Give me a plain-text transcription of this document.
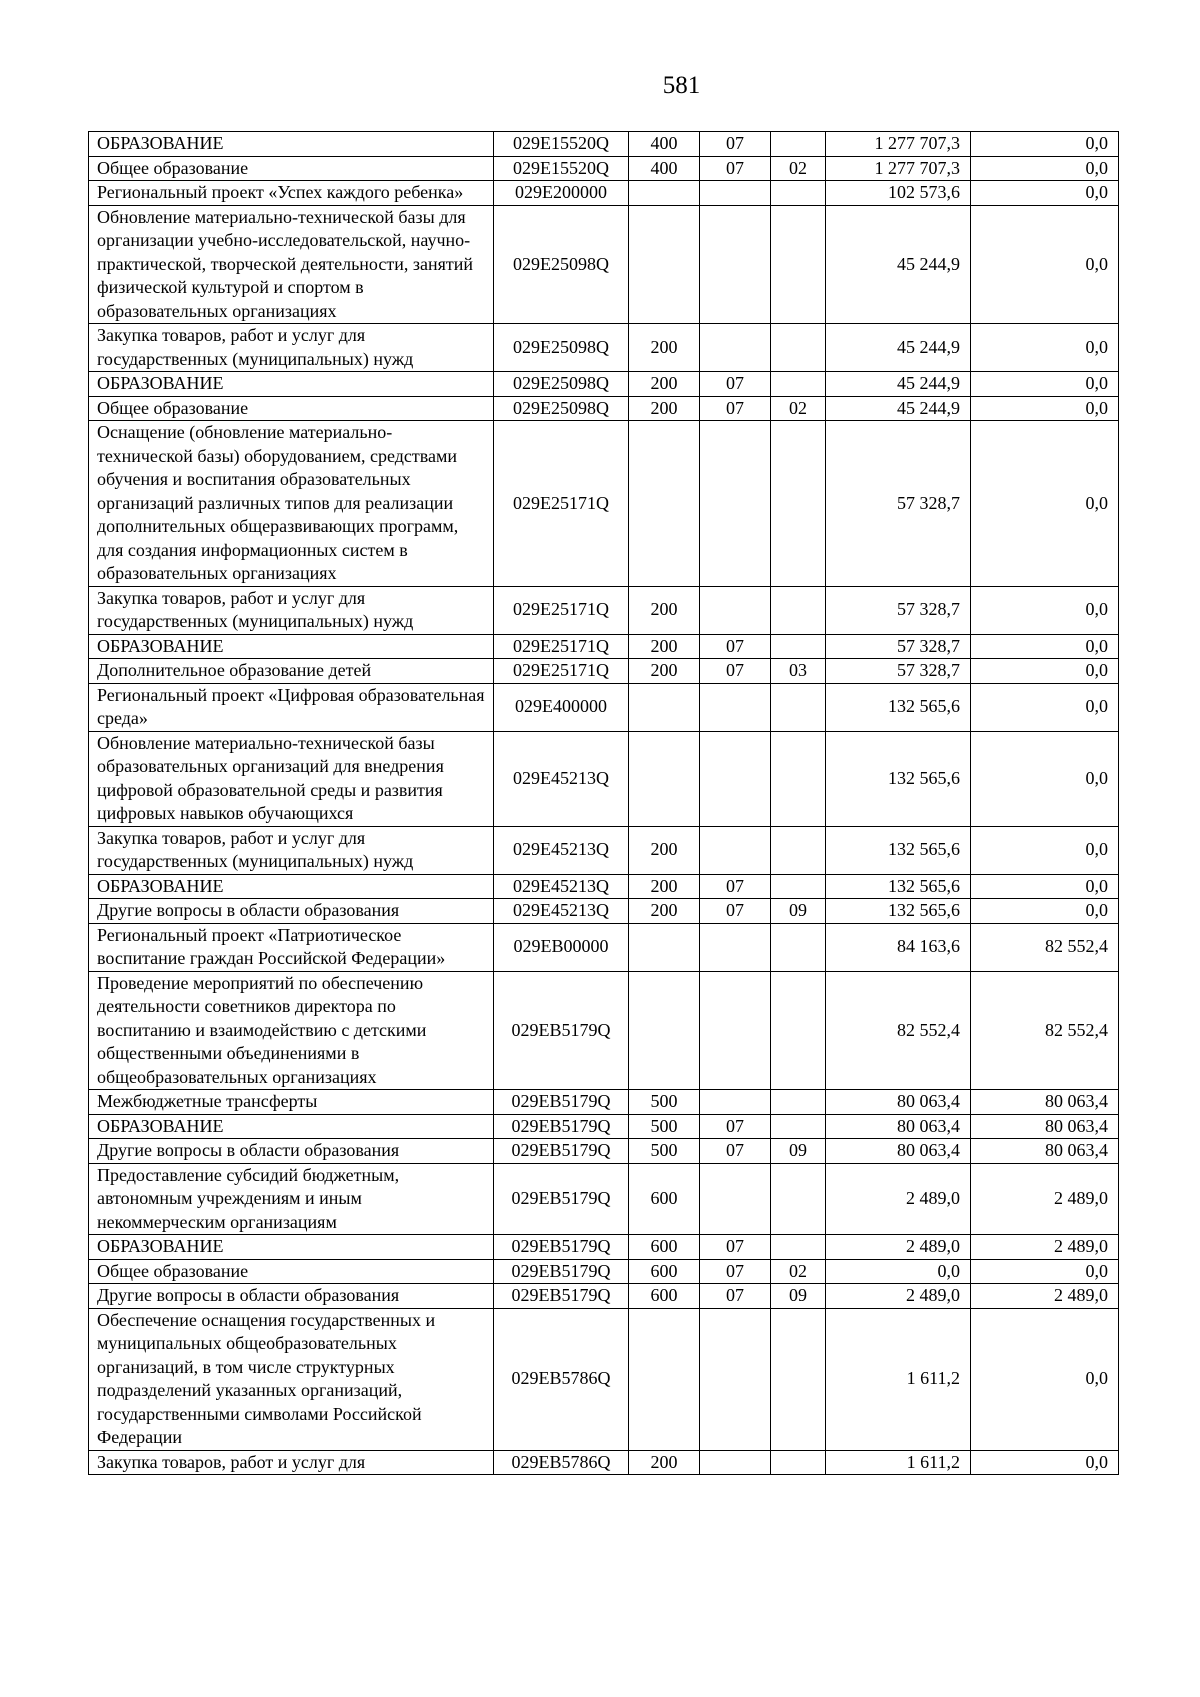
581
ОБРАЗОВАНИЕ	029E15520Q	400	07		1 277 707,3	0,0
Общее образование	029E15520Q	400	07	02	1 277 707,3	0,0
Региональный проект «Успех каждого ребенка»	029E200000				102 573,6	0,0
Обновление материально-технической базы для организации учебно-исследовательской, научно-практической, творческой деятельности, занятий физической культурой и спортом в образовательных организациях	029E25098Q				45 244,9	0,0
Закупка товаров, работ и услуг для государственных (муниципальных) нужд	029E25098Q	200			45 244,9	0,0
ОБРАЗОВАНИЕ	029E25098Q	200	07		45 244,9	0,0
Общее образование	029E25098Q	200	07	02	45 244,9	0,0
Оснащение (обновление материально-технической базы) оборудованием, средствами обучения и воспитания образовательных организаций различных типов для реализации дополнительных общеразвивающих программ, для создания информационных систем в образовательных организациях	029E25171Q				57 328,7	0,0
Закупка товаров, работ и услуг для государственных (муниципальных) нужд	029E25171Q	200			57 328,7	0,0
ОБРАЗОВАНИЕ	029E25171Q	200	07		57 328,7	0,0
Дополнительное образование детей	029E25171Q	200	07	03	57 328,7	0,0
Региональный проект «Цифровая образовательная среда»	029E400000				132 565,6	0,0
Обновление материально-технической базы образовательных организаций для внедрения цифровой образовательной среды и развития цифровых навыков обучающихся	029E45213Q				132 565,6	0,0
Закупка товаров, работ и услуг для государственных (муниципальных) нужд	029E45213Q	200			132 565,6	0,0
ОБРАЗОВАНИЕ	029E45213Q	200	07		132 565,6	0,0
Другие вопросы в области образования	029E45213Q	200	07	09	132 565,6	0,0
Региональный проект «Патриотическое воспитание граждан Российской Федерации»	029EB00000				84 163,6	82 552,4
Проведение мероприятий по обеспечению деятельности советников директора по воспитанию и взаимодействию с детскими общественными объединениями в общеобразовательных организациях	029EB5179Q				82 552,4	82 552,4
Межбюджетные трансферты	029EB5179Q	500			80 063,4	80 063,4
ОБРАЗОВАНИЕ	029EB5179Q	500	07		80 063,4	80 063,4
Другие вопросы в области образования	029EB5179Q	500	07	09	80 063,4	80 063,4
Предоставление субсидий бюджетным, автономным учреждениям и иным некоммерческим организациям	029EB5179Q	600			2 489,0	2 489,0
ОБРАЗОВАНИЕ	029EB5179Q	600	07		2 489,0	2 489,0
Общее образование	029EB5179Q	600	07	02	0,0	0,0
Другие вопросы в области образования	029EB5179Q	600	07	09	2 489,0	2 489,0
Обеспечение оснащения государственных и муниципальных общеобразовательных организаций, в том числе структурных подразделений указанных организаций, государственными символами Российской Федерации	029EB5786Q				1 611,2	0,0
Закупка товаров, работ и услуг для	029EB5786Q	200			1 611,2	0,0
